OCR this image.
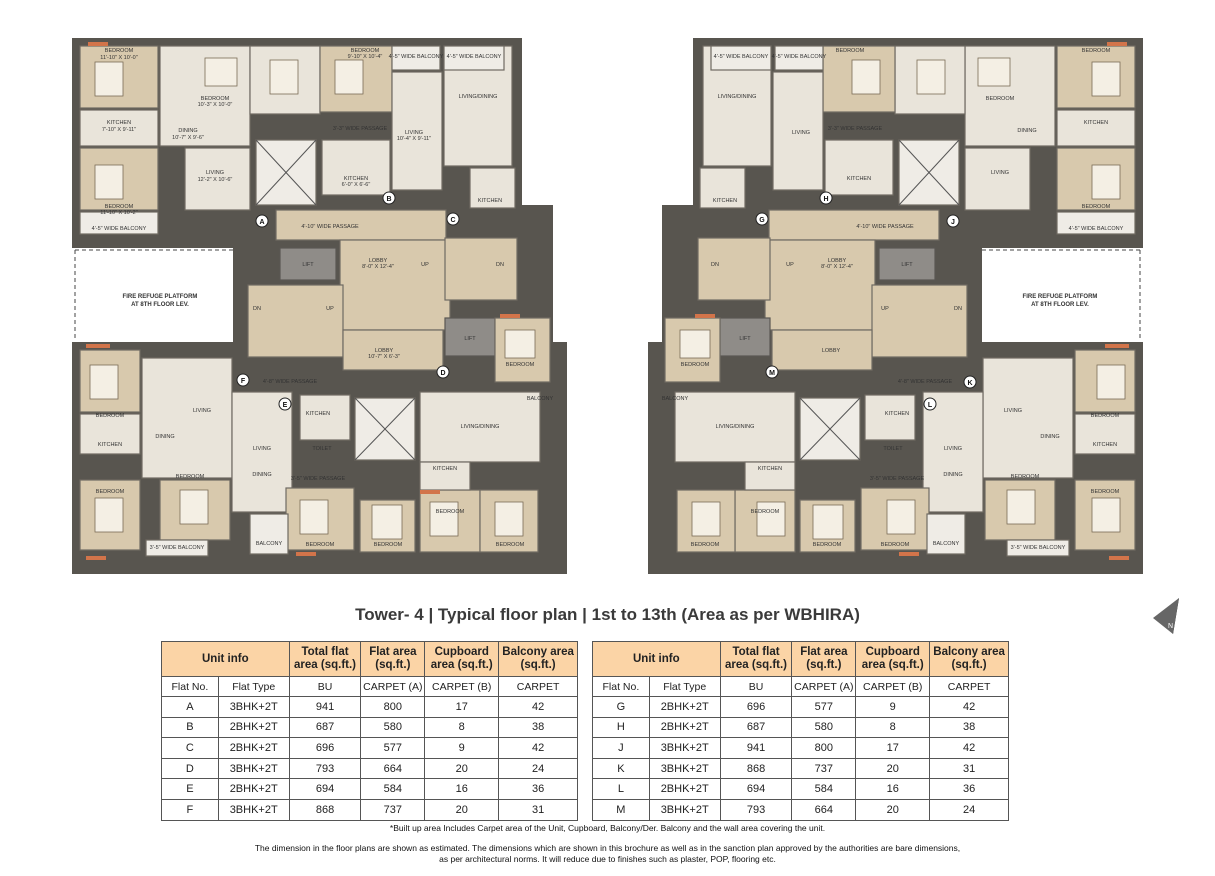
FIRE REFUGE PLATFORM
AT 8TH FLOOR LEV.
FIRE REFUGE PLATFORM
AT 8TH FLOOR LEV.
BEDROOM
11'-10" X 10'-0"
KITCHEN
7'-10" X 9'-11"	DINING
10'-7" X 9'-6"
LIVING
12'-2" X 10'-6"
BEDROOM
11'-10" X 10'-2"
BEDROOM
10'-3" X 10'-0"
4'-5" WIDE BALCONY
BEDROOM
9'-10" X 10'-4"
LIVING
10'-4" X 9'-11"
KITCHEN
6'-0" X 6'-6"
4'-5" WIDE BALCONY 4'-5" WIDE BALCONY
LIVING/DINING
3'-3" WIDE PASSAGE
KITCHEN
4'-10" WIDE PASSAGE
LOBBY
8'-0" X 12'-4"
LIFT
LIFT
UP	DN
DN	UP
LOBBY
10'-7" X 6'-3"
4'-8" WIDE PASSAGE
BEDROOM
KITCHEN
LIVING
DINING
BEDROOM
BEDROOM
3'-5" WIDE BALCONY
LIVING
DINING
KITCHEN
TOILET
3'-5" WIDE PASSAGE
BALCONY	BEDROOM	BEDROOM
LIVING/DINING
BEDROOM
KITCHEN
BEDROOM
BEDROOM
BALCONY
A
B
C
D
E
F
BEDROOM
KITCHEN
DINING
LIVING
BEDROOM
BEDROOM
4'-5" WIDE BALCONY
BEDROOM
LIVING
KITCHEN
4'-5" WIDE BALCONY
4'-5" WIDE BALCONY
LIVING/DINING
3'-3" WIDE PASSAGE
KITCHEN
4'-10" WIDE PASSAGE
LOBBY
8'-0" X 12'-4"	LIFT
LIFT
UP
DN
DN
UP
LOBBY
4'-8" WIDE PASSAGE
BEDROOM
KITCHEN
LIVING
DINING
BEDROOM
BEDROOM
3'-5" WIDE BALCONY
LIVING
DINING
KITCHEN
TOILET
3'-5" WIDE PASSAGE
BALCONY
BEDROOM
BEDROOM
LIVING/DINING
BEDROOM
KITCHEN
BEDROOM
BEDROOM
BALCONY
G
H
J
K
L
M
N
Tower- 4 | Typical floor plan | 1st to 13th (Area as per WBHIRA)
Unit info		Total flat area (sq.ft.)	Flat area (sq.ft.)	Cupboard area (sq.ft.)	Balcony area (sq.ft.)
Flat No.	Flat Type	BU	CARPET (A)	CARPET (B)	CARPET
A	3BHK+2T	941	800	17	42
B	2BHK+2T	687	580	8	38
C	2BHK+2T	696	577	9	42
D	3BHK+2T	793	664	20	24
E	2BHK+2T	694	584	16	36
F	3BHK+2T	868	737	20	31
Unit info		Total flat area (sq.ft.)	Flat area (sq.ft.)	Cupboard area (sq.ft.)	Balcony area (sq.ft.)
Flat No.	Flat Type	BU	CARPET (A)	CARPET (B)	CARPET
G	2BHK+2T	696	577	9	42
H	2BHK+2T	687	580	8	38
J	3BHK+2T	941	800	17	42
K	3BHK+2T	868	737	20	31
L	2BHK+2T	694	584	16	36
M	3BHK+2T	793	664	20	24
*Built up area Includes Carpet area of the Unit, Cupboard, Balcony/Der. Balcony and the wall area covering the unit.
The dimension in the floor plans are shown as estimated. The dimensions which are shown in this brochure as well as in the sanction plan approved by the authorities are bare dimensions,
as per architectural norms. It will reduce due to finishes such as plaster, POP, flooring etc.
